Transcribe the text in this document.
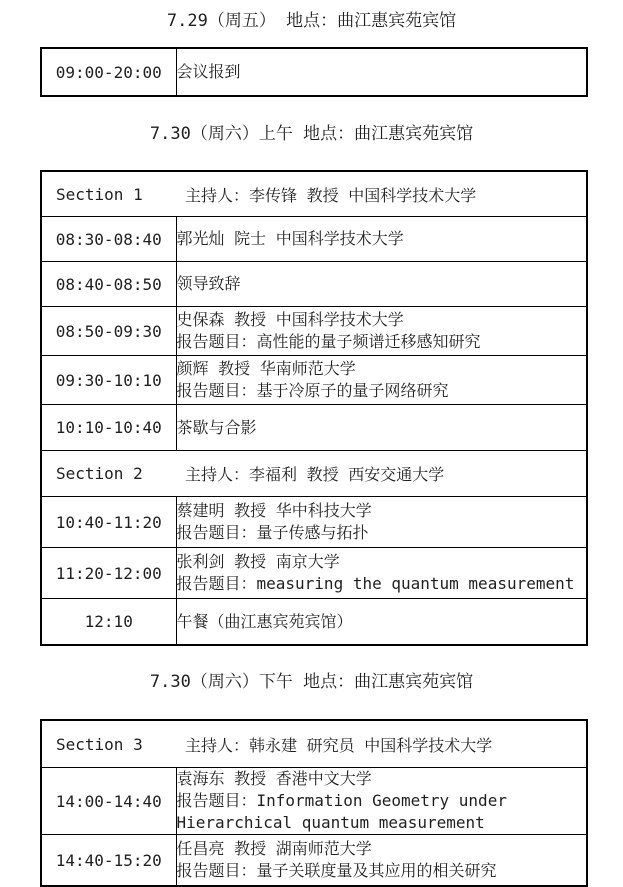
7.29（周五） 地点：曲江惠宾苑宾馆
09:00-20:00	会议报到
7.30（周六）上午 地点：曲江惠宾苑宾馆
Section 1 主持人：李传锋 教授 中国科学技术大学	
08:30-08:40	郭光灿 院士 中国科学技术大学

08:40-08:50	领导致辞

08:50-09:30	史保森 教授 中国科学技术大学
报告题目：高性能的量子频谱迁移感知研究

09:30-10:10	颜辉 教授 华南师范大学
报告题目：基于冷原子的量子网络研究

10:10-10:40	茶歇与合影

Section 2 主持人：李福利 教授 西安交通大学	
10:40-11:20	蔡建明 教授 华中科技大学
报告题目：量子传感与拓扑

11:20-12:00	张利剑 教授 南京大学
报告题目：measuring the quantum measurement

12:10	午餐（曲江惠宾苑宾馆）
7.30（周六）下午 地点：曲江惠宾苑宾馆
Section 3 主持人：韩永建 研究员 中国科学技术大学	
14:00-14:40	袁海东 教授 香港中文大学
报告题目：Information Geometry under
Hierarchical quantum measurement

14:40-15:20	任昌亮 教授 湖南师范大学
报告题目：量子关联度量及其应用的相关研究
